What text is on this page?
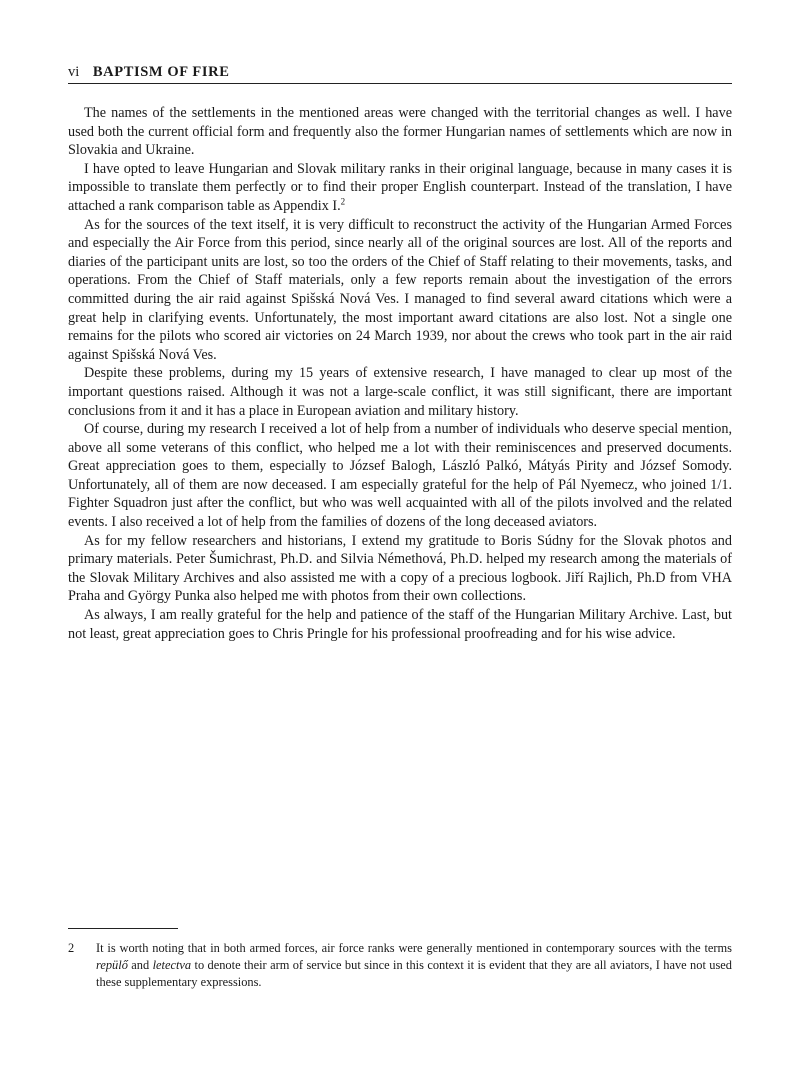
vi BAPTISM OF FIRE

The names of the settlements in the mentioned areas were changed with the territorial changes as well. I have used both the current official form and frequently also the former Hungarian names of settlements which are now in Slovakia and Ukraine.

I have opted to leave Hungarian and Slovak military ranks in their original language, because in many cases it is impossible to translate them perfectly or to find their proper English counterpart. Instead of the translation, I have attached a rank comparison table as Appendix I.$^2$

As for the sources of the text itself, it is very difficult to reconstruct the activity of the Hungarian Armed Forces and especially the Air Force from this period, since nearly all of the original sources are lost. All of the reports and diaries of the participant units are lost, so too the orders of the Chief of Staff relating to their movements, tasks, and operations. From the Chief of Staff materials, only a few reports remain about the investigation of the errors committed during the air raid against Spišská Nová Ves. I managed to find several award citations which were a great help in clarifying events. Unfortunately, the most important award citations are also lost. Not a single one remains for the pilots who scored air victories on 24 March 1939, nor about the crews who took part in the air raid against Spišská Nová Ves.

Despite these problems, during my 15 years of extensive research, I have managed to clear up most of the important questions raised. Although it was not a large-scale conflict, it was still significant, there are important conclusions from it and it has a place in European aviation and military history.

Of course, during my research I received a lot of help from a number of individuals who deserve special mention, above all some veterans of this conflict, who helped me a lot with their reminiscences and preserved documents. Great appreciation goes to them, especially to József Balogh, László Palkó, Mátyás Pirity and József Somody. Unfortunately, all of them are now deceased. I am especially grateful for the help of Pál Nyemecz, who joined 1/1. Fighter Squadron just after the conflict, but who was well acquainted with all of the pilots involved and the related events. I also received a lot of help from the families of dozens of the long deceased aviators.

As for my fellow researchers and historians, I extend my gratitude to Boris Súdny for the Slovak photos and primary materials. Peter Šumichrast, Ph.D. and Silvia Némethová, Ph.D. helped my research among the materials of the Slovak Military Archives and also assisted me with a copy of a precious logbook. Jiří Rajlich, Ph.D from VHA Praha and György Punka also helped me with photos from their own collections.

As always, I am really grateful for the help and patience of the staff of the Hungarian Military Archive. Last, but not least, great appreciation goes to Chris Pringle for his professional proofreading and for his wise advice.

2	It is worth noting that in both armed forces, air force ranks were generally mentioned in contemporary sources with the terms repülő and letectva to denote their arm of service but since in this context it is evident that they are all aviators, I have not used these supplementary expressions.
